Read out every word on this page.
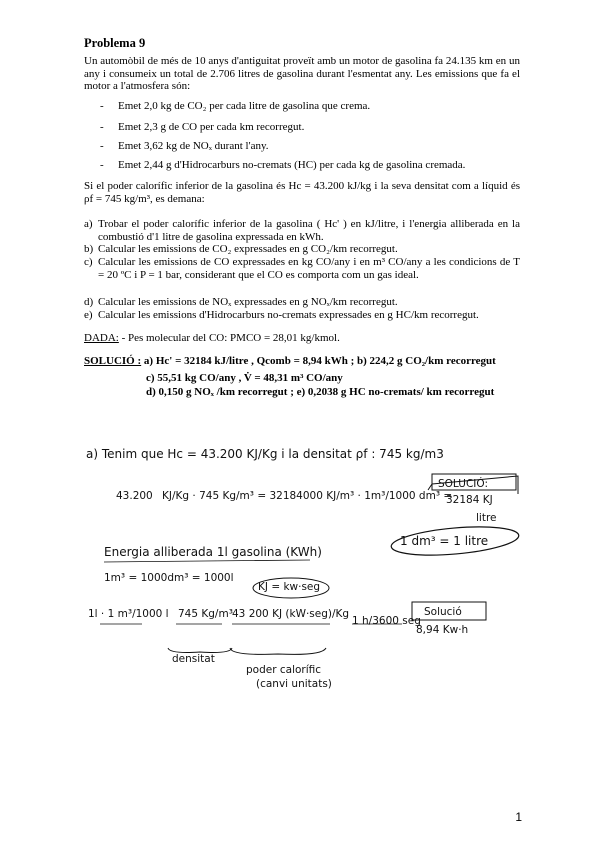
Problema 9
Un automòbil de més de 10 anys d'antiguitat proveït amb un motor de gasolina fa 24.135 km en un any i consumeix un total de 2.706 litres de gasolina durant l'esmentat any. Les emissions que fa el motor a l'atmosfera són:
- Emet 2,0 kg de CO₂ per cada litre de gasolina que crema.
- Emet 2,3 g de CO per cada km recorregut.
- Emet 3,62 kg de NOₓ durant l'any.
- Emet 2,44 g d'Hidrocarburs no-cremats (HC) per cada kg de gasolina cremada.
Si el poder calorífic inferior de la gasolina és Hc = 43.200 kJ/kg i la seva densitat com a líquid és ρf = 745 kg/m³, es demana:
a) Trobar el poder calorífic inferior de la gasolina ( Hc' ) en kJ/litre, i l'energia alliberada en la combustió d'1 litre de gasolina expressada en kWh.
b) Calcular les emissions de CO₂ expressades en g CO₂/km recorregut.
c) Calcular les emissions de CO expressades en kg CO/any i en m³ CO/any a les condicions de T = 20 ºC i P = 1 bar, considerant que el CO es comporta com un gas ideal.
d) Calcular les emissions de NOₓ expressades en g NOₓ/km recorregut.
e) Calcular les emissions d'Hidrocarburs no-cremats expressades en g HC/km recorregut.
DADA: - Pes molecular del CO: PMCO = 28,01 kg/kmol.
SOLUCIÓ : a) Hc' = 32184 kJ/litre , Qcomb = 8,94 kWh ; b) 224,2 g CO₂/km recorregut
c) 55,51 kg CO/any , V̇ = 48,31 m³ CO/any
d) 0,150 g NOₓ /km recorregut ; e) 0,2038 g HC no-cremats/ km recorregut
a) Tenim que Hc = 43.200 KJ/Kg i la densitat ρf : 745 kg/m3
43.200 KJ/Kg · 745 Kg/m³ = 32184000 KJ/m³ · 1m³/1000 dm³ =
SOLUCIÓ:
32184 KJ
litre
1 dm³ = 1 litre
Energia alliberada 1l gasolina (KWh)
1m³ = 1000dm³ = 1000l
KJ = kw·seg
1l · 1 m³/1000 l 745 Kg/m³ 43 200 KJ (kW·seg)/Kg
1 h/3600 seg
Solució
8,94 Kw·h
densitat
poder calorífic
(canvi unitats)
1
